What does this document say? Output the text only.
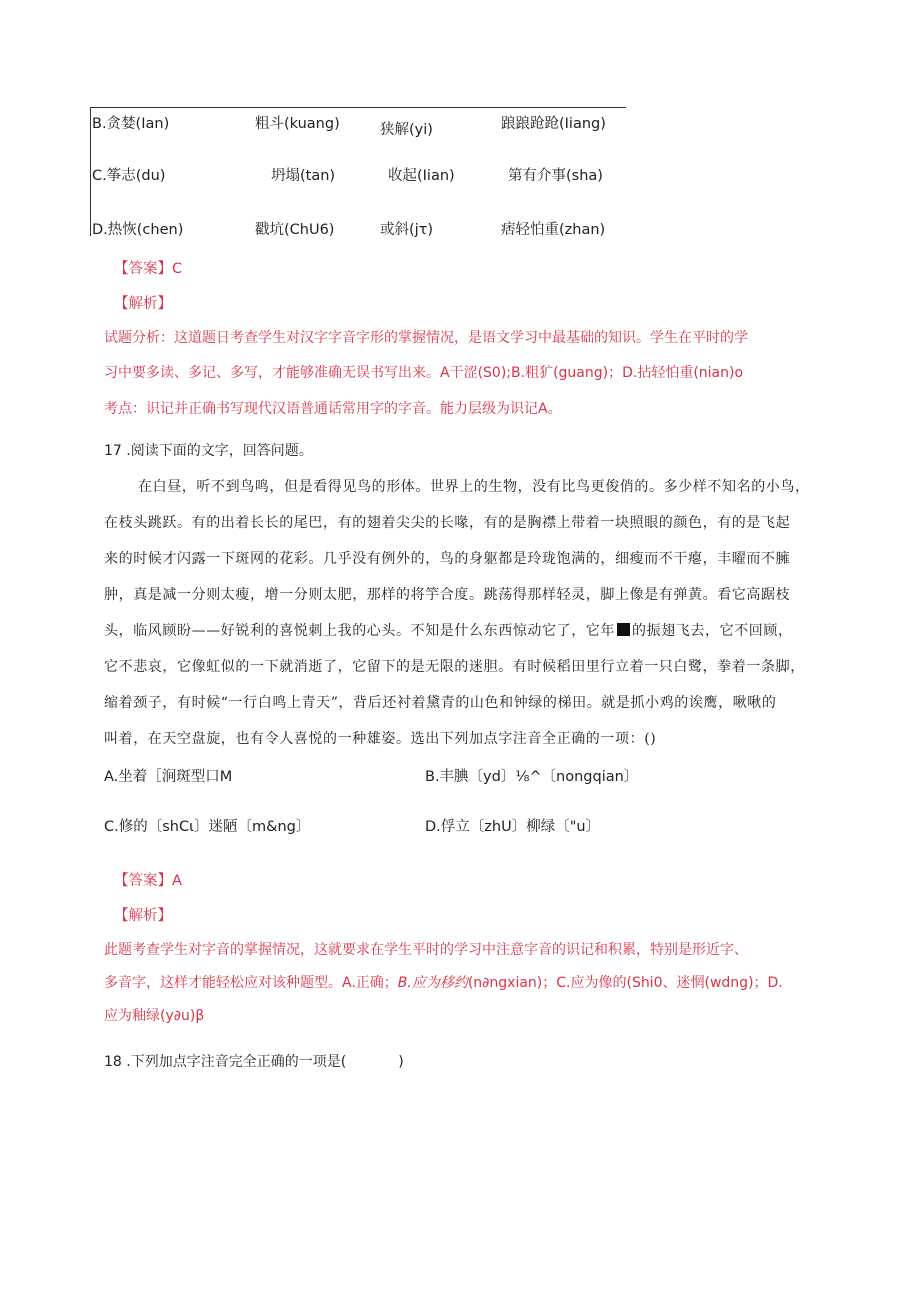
B.贪婪(Ian)	粗斗(kuang)	狭解(yi)	踉踉跄跄(Iiang)
C.筝志(du)	坍塌(tan)	收起(Iian)	第有介事(sha)
D.热恢(chen)	戳坑(ChU6)	或斜(jτ)	痞轻怕重(zhan)
【答案】C
【解析】
试题分析：这道题日考查学生对汉字字音字形的掌握情况，是语文学习中最基础的知识。学生在平时的学
习中要多读、多记、多写，才能够准确无误书写出来。A干涩(S0);B.粗犷(guang)；D.拈轻怕重(nian)o
考点：识记并正确书写现代汉语普通话常用字的字音。能力层级为识记A。
17 .阅读下面的文字，回答问题。
在白昼，听不到鸟鸣，但是看得见鸟的形体。世界上的生物，没有比鸟更俊俏的。多少样不知名的小鸟，
在枝头跳跃。有的出着长长的尾巴，有的翅着尖尖的长喙，有的是胸襟上带着一块照眼的颜色，有的是飞起
来的时候才闪露一下斑网的花彩。几乎没有例外的，鸟的身躯都是玲珑饱满的，细瘦而不干瘪，丰曜而不臃
肿，真是减一分则太瘦，增一分则太肥，那样的将竽合度。跳荡得那样轻灵，脚上像是有弹黄。看它高踞枝
头，临风顾盼——好锐利的喜悦刺上我的心头。不知是什么东西惊动它了，它年 的振翅飞去，它不回顾，
它不悲哀，它像虹似的一下就消逝了，它留下的是无限的迷胆。有时候稻田里行立着一只白鹭，拳着一条脚，
缩着颈子，有时候“一行白鸣上青天”，背后还衬着黛青的山色和钟绿的梯田。就是抓小鸡的诶鹰，啾啾的
叫着，在天空盘旋，也有令人喜悦的一种雄姿。选出下列加点字注音全正确的一项：()
A.坐着［涧斑型口M	B.丰腆〔yd〕⅛^〔nongqian〕
C.修的〔shCι〕迷陋〔m&ng〕	D.俘立〔zhU〕柳绿〔"u〕
【答案】A
【解析】
此题考查学生对字音的掌握情况，这就要求在学生平时的学习中注意字音的识记和积累，特别是形近字、
多音字，这样才能轻松应对该种题型。A.正确；B.应为移约(n∂ngxian)；C.应为像的(Shi0、迷惘(wdng)；D.
应为釉绿(y∂u)β
18 .下列加点字注音完全正确的一项是(	)
